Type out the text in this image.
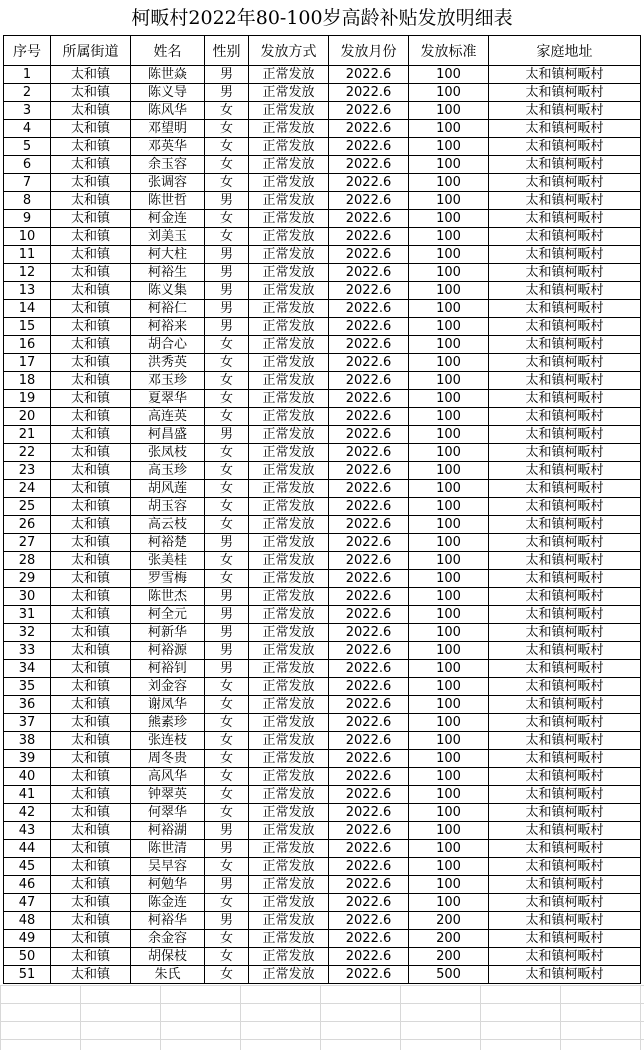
柯畈村2022年80-100岁高龄补贴发放明细表
序号	所属街道	姓名	性别	发放方式	发放月份	发放标准	家庭地址
1	太和镇	陈世焱	男	正常发放	2022.6	100	太和镇柯畈村
2	太和镇	陈义导	男	正常发放	2022.6	100	太和镇柯畈村
3	太和镇	陈风华	女	正常发放	2022.6	100	太和镇柯畈村
4	太和镇	邓望明	女	正常发放	2022.6	100	太和镇柯畈村
5	太和镇	邓英华	女	正常发放	2022.6	100	太和镇柯畈村
6	太和镇	余玉容	女	正常发放	2022.6	100	太和镇柯畈村
7	太和镇	张调容	女	正常发放	2022.6	100	太和镇柯畈村
8	太和镇	陈世哲	男	正常发放	2022.6	100	太和镇柯畈村
9	太和镇	柯金连	女	正常发放	2022.6	100	太和镇柯畈村
10	太和镇	刘美玉	女	正常发放	2022.6	100	太和镇柯畈村
11	太和镇	柯大柱	男	正常发放	2022.6	100	太和镇柯畈村
12	太和镇	柯裕生	男	正常发放	2022.6	100	太和镇柯畈村
13	太和镇	陈义集	男	正常发放	2022.6	100	太和镇柯畈村
14	太和镇	柯裕仁	男	正常发放	2022.6	100	太和镇柯畈村
15	太和镇	柯裕来	男	正常发放	2022.6	100	太和镇柯畈村
16	太和镇	胡合心	女	正常发放	2022.6	100	太和镇柯畈村
17	太和镇	洪秀英	女	正常发放	2022.6	100	太和镇柯畈村
18	太和镇	邓玉珍	女	正常发放	2022.6	100	太和镇柯畈村
19	太和镇	夏翠华	女	正常发放	2022.6	100	太和镇柯畈村
20	太和镇	高连英	女	正常发放	2022.6	100	太和镇柯畈村
21	太和镇	柯昌盛	男	正常发放	2022.6	100	太和镇柯畈村
22	太和镇	张凤枝	女	正常发放	2022.6	100	太和镇柯畈村
23	太和镇	高玉珍	女	正常发放	2022.6	100	太和镇柯畈村
24	太和镇	胡风莲	女	正常发放	2022.6	100	太和镇柯畈村
25	太和镇	胡玉容	女	正常发放	2022.6	100	太和镇柯畈村
26	太和镇	高云枝	女	正常发放	2022.6	100	太和镇柯畈村
27	太和镇	柯裕楚	男	正常发放	2022.6	100	太和镇柯畈村
28	太和镇	张美桂	女	正常发放	2022.6	100	太和镇柯畈村
29	太和镇	罗雪梅	女	正常发放	2022.6	100	太和镇柯畈村
30	太和镇	陈世杰	男	正常发放	2022.6	100	太和镇柯畈村
31	太和镇	柯全元	男	正常发放	2022.6	100	太和镇柯畈村
32	太和镇	柯新华	男	正常发放	2022.6	100	太和镇柯畈村
33	太和镇	柯裕源	男	正常发放	2022.6	100	太和镇柯畈村
34	太和镇	柯裕钊	男	正常发放	2022.6	100	太和镇柯畈村
35	太和镇	刘金容	女	正常发放	2022.6	100	太和镇柯畈村
36	太和镇	谢凤华	女	正常发放	2022.6	100	太和镇柯畈村
37	太和镇	熊素珍	女	正常发放	2022.6	100	太和镇柯畈村
38	太和镇	张连枝	女	正常发放	2022.6	100	太和镇柯畈村
39	太和镇	周冬贵	女	正常发放	2022.6	100	太和镇柯畈村
40	太和镇	高风华	女	正常发放	2022.6	100	太和镇柯畈村
41	太和镇	钟翠英	女	正常发放	2022.6	100	太和镇柯畈村
42	太和镇	何翠华	女	正常发放	2022.6	100	太和镇柯畈村
43	太和镇	柯裕湖	男	正常发放	2022.6	100	太和镇柯畈村
44	太和镇	陈世清	男	正常发放	2022.6	100	太和镇柯畈村
45	太和镇	吴早容	女	正常发放	2022.6	100	太和镇柯畈村
46	太和镇	柯勉华	男	正常发放	2022.6	100	太和镇柯畈村
47	太和镇	陈金连	女	正常发放	2022.6	100	太和镇柯畈村
48	太和镇	柯裕华	男	正常发放	2022.6	200	太和镇柯畈村
49	太和镇	余金容	女	正常发放	2022.6	200	太和镇柯畈村
50	太和镇	胡保枝	女	正常发放	2022.6	200	太和镇柯畈村
51	太和镇	朱氏	女	正常发放	2022.6	500	太和镇柯畈村
